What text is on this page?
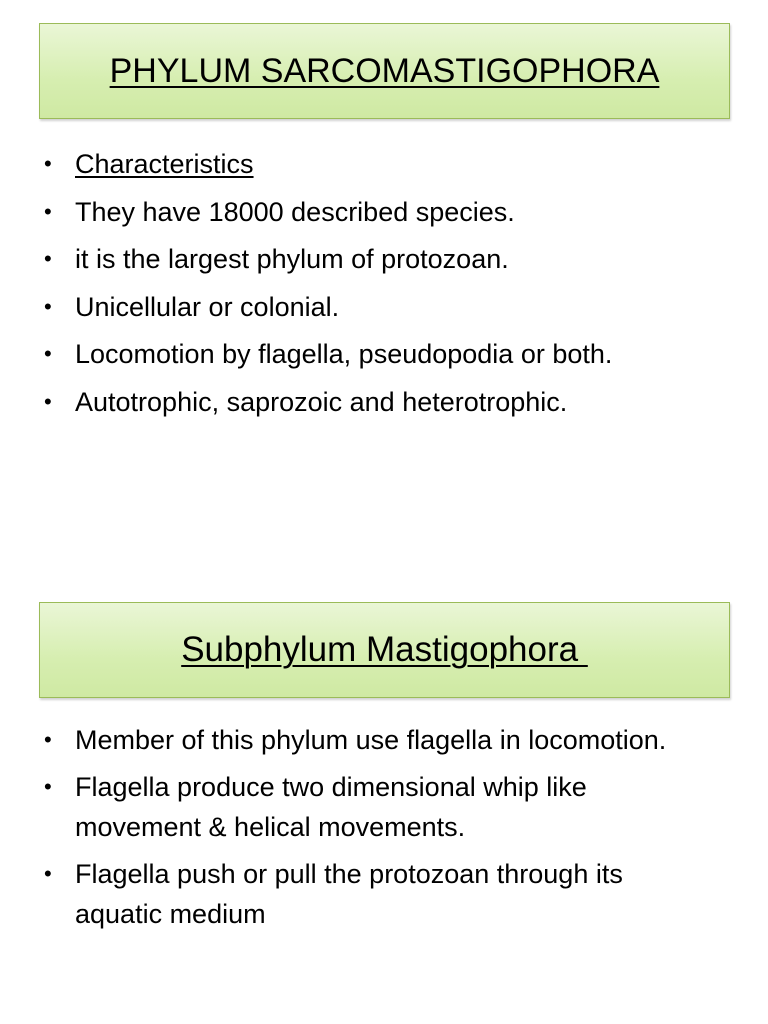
PHYLUM SARCOMASTIGOPHORA
• Characteristics
• They have 18000 described species.
• it is the largest phylum of protozoan.
• Unicellular or colonial.
• Locomotion by flagella, pseudopodia or both.
• Autotrophic, saprozoic and heterotrophic.
Subphylum Mastigophora
• Member of this phylum use flagella in locomotion.
• Flagella produce two dimensional whip like movement & helical movements.
• Flagella push or pull the protozoan through its aquatic medium
